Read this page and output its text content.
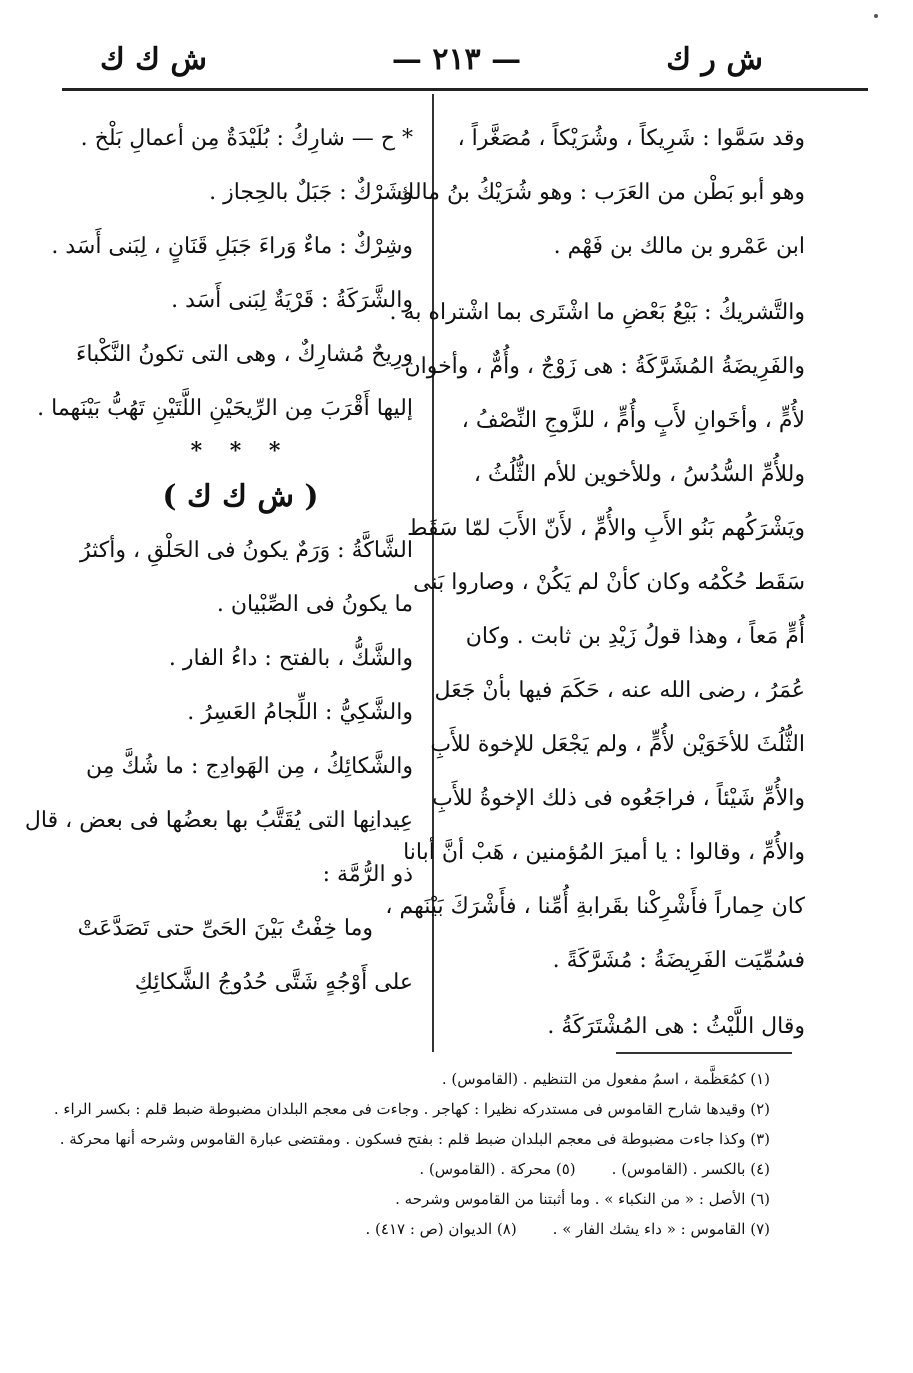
ش ر ك
— ٢١٣ —
ش ك ك
وقد سَمَّوا : شَرِيكاً ، وشُرَيْكاً ، مُصَغَّراً ،
وهو أبو بَطْن من العَرَب : وهو شُرَيْكُ بنُ مالك
ابن عَمْرو بن مالك بن فَهْم .
والتَّشريكُ : بَيْعُ بَعْضِ ما اشْتَرى بما اشْتراه به .
والفَرِيضَةُ المُشَرَّكَةُ : هى زَوْجٌ ، وأُمٌّ ، وأخوان
لأُمٍّ ، وأخَوانِ لأَبٍ وأُمٍّ ، للزَّوجِ النِّصْفُ ،
وللأُمِّ السُّدُسُ ، وللأخوين للأم الثُّلُثُ ،
ويَشْرَكُهم بَنُو الأَبِ والأُمِّ ، لأَنّ الأَبَ لمّا سَقَط
سَقَط حُكْمُه وكان كأنْ لم يَكُنْ ، وصاروا بَنى
أُمٍّ مَعاً ، وهذا قولُ زَيْدِ بن ثابت . وكان
عُمَرُ ، رضى الله عنه ، حَكَمَ فيها بأنْ جَعَل
الثُّلُثَ للأخَوَيْن لأُمٍّ ، ولم يَجْعَل للإخوة للأَبِ
والأُمِّ شَيْئاً ، فراجَعُوه فى ذلك الإخوةُ للأَبِ
والأُمِّ ، وقالوا : يا أميرَ المُؤمنين ، هَبْ أنَّ أبانا
كان حِماراً فأَشْرِكْنا بقَرابةِ أُمِّنا ، فأَشْرَكَ بَيْنَهم ،
فسُمِّيَت الفَرِيضَةُ : مُشَرَّكَةً .
وقال اللَّيْثُ : هى المُشْتَرَكَةُ .
* ح — شارِكُ : بُلَيْدَةٌ مِن أعمالِ بَلْخ .
وشَرْكٌ : جَبَلٌ بالحِجاز .
وشِرْكٌ : ماءٌ وَراءَ جَبَلِ قَنَانٍ ، لِبَنى أَسَد .
والشَّرَكَةُ : قَرْيَةٌ لِبَنى أَسَد .
ورِيحٌ مُشارِكٌ ، وهى التى تكونُ النَّكْباءَ
إليها أَقْرَبَ مِن الرِّيحَيْنِ اللَّتَيْنِ تَهُبُّ بَيْنَهما .
* * *
( ش ك ك )
الشَّاكَّةُ : وَرَمٌ يكونُ فى الحَلْقِ ، وأكثرُ
ما يكونُ فى الصِّبْيان .
والشَّكُّ ، بالفتح : داءُ الفار .
والشَّكِيُّ : اللِّجامُ العَسِرُ .
والشَّكائِكُ ، مِن الهَوادِج : ما شُكَّ مِن
عِيدانِها التى يُقَتَّبُ بها بعضُها فى بعض ، قال
ذو الرُّمَّة :
وما خِفْتُ بَيْنَ الحَىِّ حتى تَصَدَّعَتْ
على أَوْجُهٍ شَتَّى حُدُوجُ الشَّكائِكِ
(١) كمُعَظَّمة ، اسمُ مفعول من التنظيم . (القاموس) .
(٢) وقيدها شارح القاموس فى مستدركه نظيرا : كهاجر . وجاءت فى معجم البلدان مضبوطة ضبط قلم : بكسر الراء .
(٣) وكذا جاءت مضبوطة فى معجم البلدان ضبط قلم : بفتح فسكون . ومقتضى عبارة القاموس وشرحه أنها محركة .
(٤) بالكسر . (القاموس) .
(٥) محركة . (القاموس) .
(٦) الأصل : « من النكباء » . وما أثبتنا من القاموس وشرحه .
(٧) القاموس : « داء يشك الفار » .
(٨) الديوان (ص : ٤١٧) .
